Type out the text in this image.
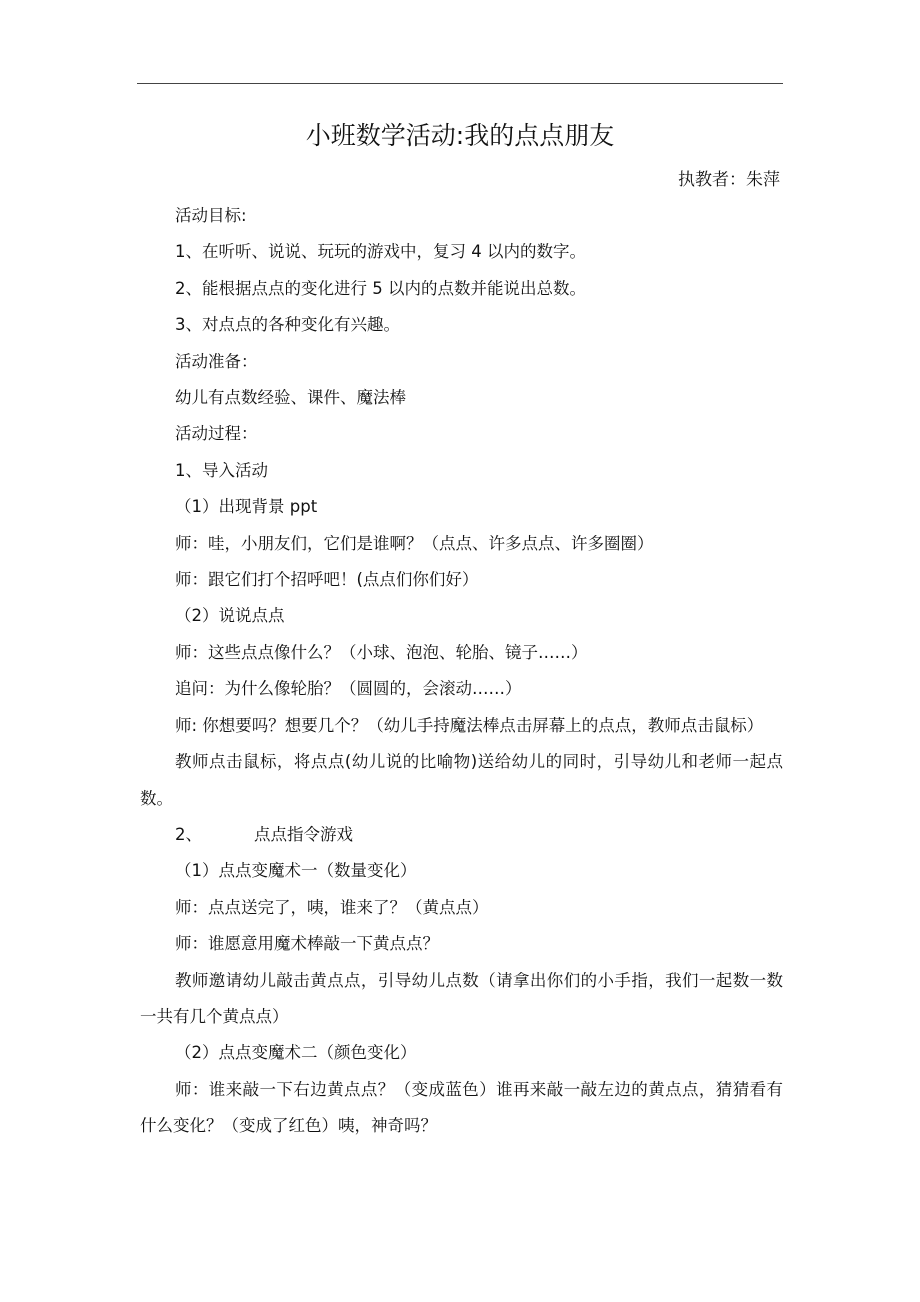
小班数学活动:我的点点朋友
执教者：朱萍

活动目标:

1、在听听、说说、玩玩的游戏中，复习 4 以内的数字。

2、能根据点点的变化进行 5 以内的点数并能说出总数。

3、对点点的各种变化有兴趣。

活动准备：

幼儿有点数经验、课件、魔法棒

活动过程：

1、导入活动

（1）出现背景 ppt

师：哇，小朋友们，它们是谁啊？（点点、许多点点、许多圈圈）

师：跟它们打个招呼吧！(点点们你们好）

（2）说说点点

师：这些点点像什么？（小球、泡泡、轮胎、镜子……）

追问：为什么像轮胎？（圆圆的，会滚动……）

师: 你想要吗？想要几个？（幼儿手持魔法棒点击屏幕上的点点，教师点击鼠标）

教师点击鼠标，将点点(幼儿说的比喻物)送给幼儿的同时，引导幼儿和老师一起点数。

2、	点点指令游戏

（1）点点变魔术一（数量变化）

师：点点送完了，咦，谁来了？（黄点点）

师：谁愿意用魔术棒敲一下黄点点？

教师邀请幼儿敲击黄点点，引导幼儿点数（请拿出你们的小手指，我们一起数一数一共有几个黄点点）

（2）点点变魔术二（颜色变化）

师：谁来敲一下右边黄点点？（变成蓝色）谁再来敲一敲左边的黄点点，猜猜看有什么变化？（变成了红色）咦，神奇吗？
